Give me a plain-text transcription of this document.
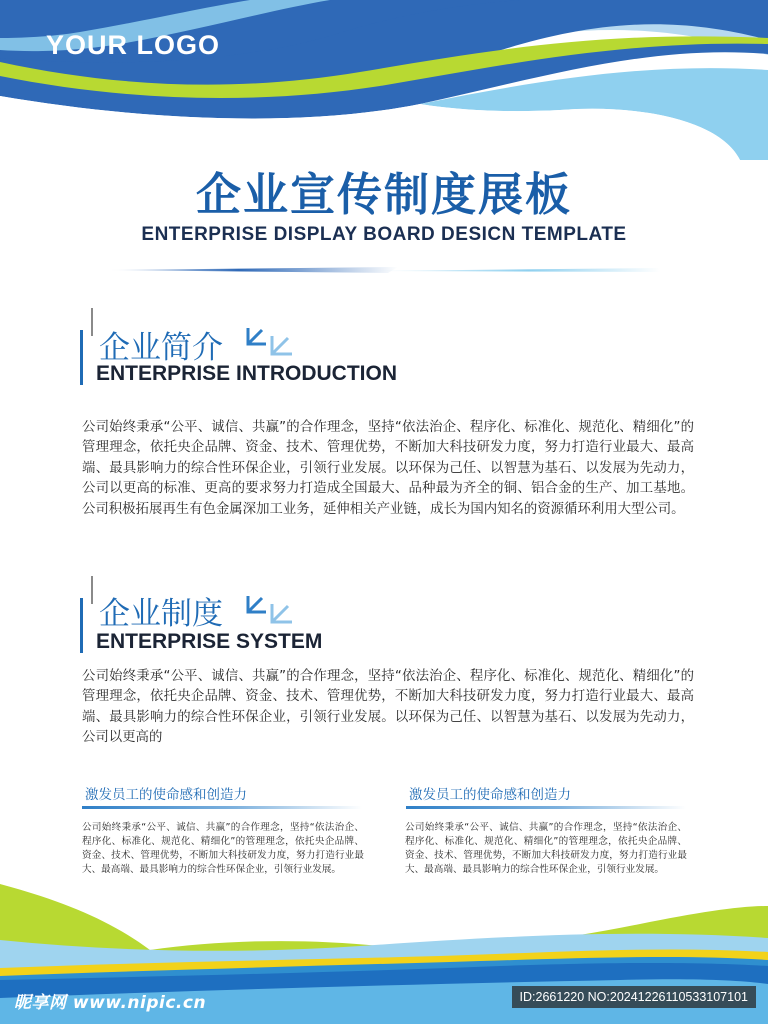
YOUR LOGO
企业宣传制度展板
ENTERPRISE DISPLAY BOARD DESICN TEMPLATE
企业简介
ENTERPRISE INTRODUCTION
公司始终秉承“公平、诚信、共赢”的合作理念，坚持“依法治企、程序化、标准化、规范化、精细化”的管理理念，依托央企品牌、资金、技术、管理优势，不断加大科技研发力度，努力打造行业最大、最高端、最具影响力的综合性环保企业，引领行业发展。以环保为己任、以智慧为基石、以发展为先动力，公司以更高的标准、更高的要求努力打造成全国最大、品种最为齐全的铜、铝合金的生产、加工基地。公司积极拓展再生有色金属深加工业务，延伸相关产业链，成长为国内知名的资源循环利用大型公司。
企业制度
ENTERPRISE SYSTEM
公司始终秉承“公平、诚信、共赢”的合作理念，坚持“依法治企、程序化、标准化、规范化、精细化”的管理理念，依托央企品牌、资金、技术、管理优势，不断加大科技研发力度，努力打造行业最大、最高端、最具影响力的综合性环保企业，引领行业发展。以环保为己任、以智慧为基石、以发展为先动力，公司以更高的
激发员工的使命感和创造力
公司始终秉承“公平、诚信、共赢”的合作理念，坚持“依法治企、程序化、标准化、规范化、精细化”的管理理念，依托央企品牌、资金、技术、管理优势，不断加大科技研发力度，努力打造行业最大、最高端、最具影响力的综合性环保企业，引领行业发展。
激发员工的使命感和创造力
公司始终秉承“公平、诚信、共赢”的合作理念，坚持“依法治企、程序化、标准化、规范化、精细化”的管理理念，依托央企品牌、资金、技术、管理优势，不断加大科技研发力度，努力打造行业最大、最高端、最具影响力的综合性环保企业，引领行业发展。
昵享网 www.nipic.cn	ID:2661220 NO:20241226110533107101
